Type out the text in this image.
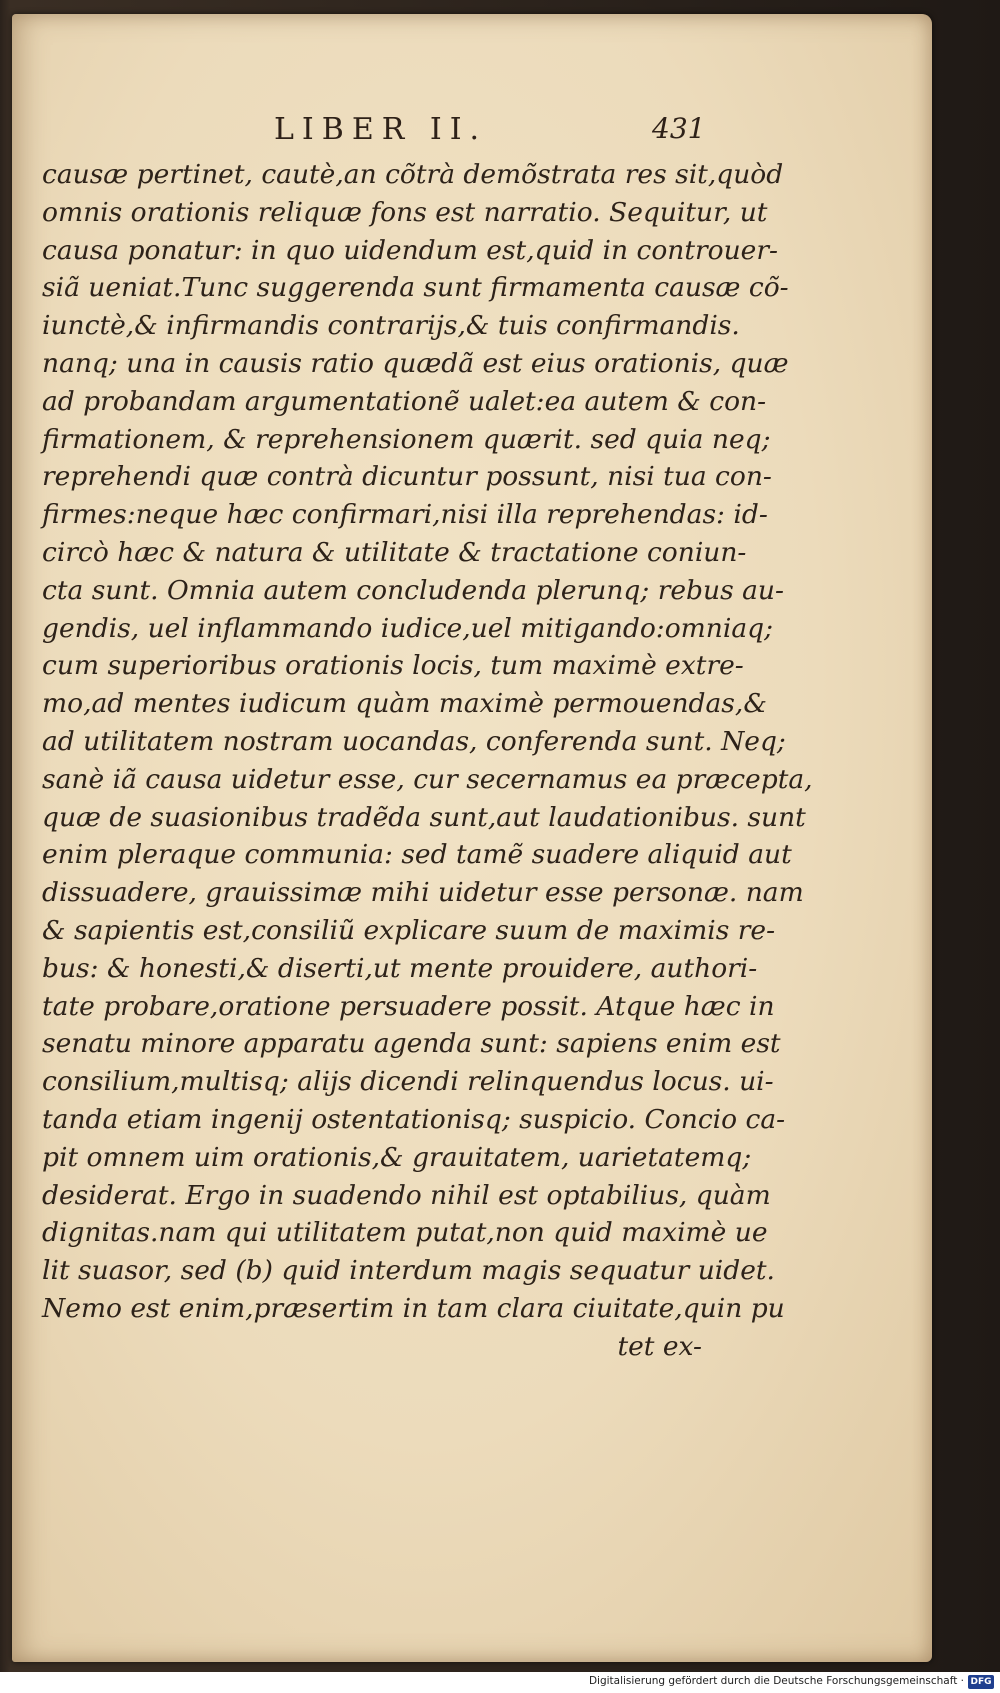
LIBER II.	431
causæ pertinet, cautè,an cõtrà demõstrata res sit,quòd
omnis orationis reliquæ fons est narratio. Sequitur, ut
causa ponatur: in quo uidendum est,quid in controuer-
siã ueniat.Tunc suggerenda sunt firmamenta causæ cõ-
iunctè,& infirmandis contrarijs,& tuis confirmandis.
nanq; una in causis ratio quædã est eius orationis, quæ
ad probandam argumentationẽ ualet:ea autem & con-
firmationem, & reprehensionem quærit. sed quia neq;
reprehendi quæ contrà dicuntur possunt, nisi tua con-
firmes:neque hæc confirmari,nisi illa reprehendas: id-
circò hæc & natura & utilitate & tractatione coniun-
cta sunt. Omnia autem concludenda plerunq; rebus au-
gendis, uel inflammando iudice,uel mitigando:omniaq;
cum superioribus orationis locis, tum maximè extre-
mo,ad mentes iudicum quàm maximè permouendas,&
ad utilitatem nostram uocandas, conferenda sunt. Neq;
sanè iã causa uidetur esse, cur secernamus ea præcepta,
quæ de suasionibus tradẽda sunt,aut laudationibus. sunt
enim pleraque communia: sed tamẽ suadere aliquid aut
dissuadere, grauissimæ mihi uidetur esse personæ. nam
& sapientis est,consiliũ explicare suum de maximis re-
bus: & honesti,& diserti,ut mente prouidere, authori-
tate probare,oratione persuadere possit. Atque hæc in
senatu minore apparatu agenda sunt: sapiens enim est
consilium,multisq; alijs dicendi relinquendus locus. ui-
tanda etiam ingenij ostentationisq; suspicio. Concio ca-
pit omnem uim orationis,& grauitatem, uarietatemq;
desiderat. Ergo in suadendo nihil est optabilius, quàm
dignitas.nam qui utilitatem putat,non quid maximè ue
lit suasor, sed (b) quid interdum magis sequatur uidet.
Nemo est enim,præsertim in tam clara ciuitate,quin pu
tet ex-
Digitalisierung gefördert durch die Deutsche Forschungsgemeinschaft · DFG
